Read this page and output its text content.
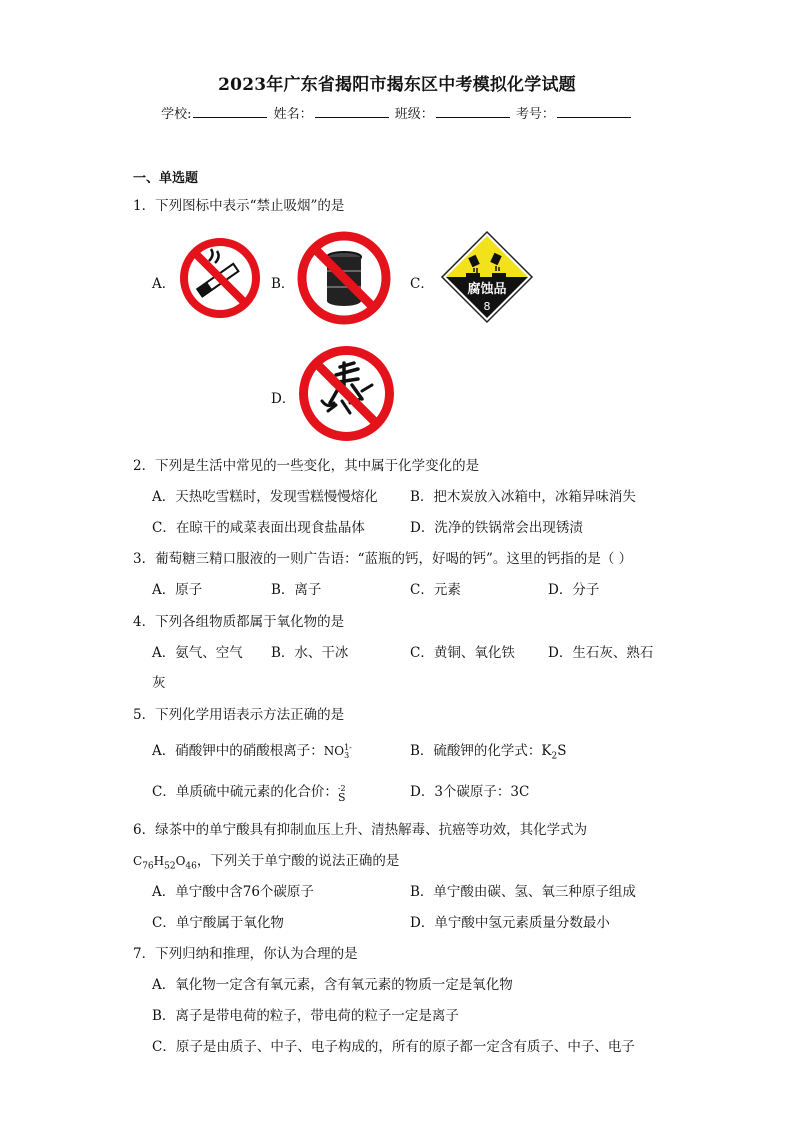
2023年广东省揭阳市揭东区中考模拟化学试题
学校:	姓名：	班级：	考号：
一、单选题
1．下列图标中表示“禁止吸烟”的是
A．	B．	C．	腐蚀品
8
D．
2．下列是生活中常见的一些变化，其中属于化学变化的是
A．天热吃雪糕时，发现雪糕慢慢熔化 B．把木炭放入冰箱中，冰箱异味消失
C．在晾干的咸菜表面出现食盐晶体	D．洗净的铁锅常会出现锈渍
3．葡萄糖三精口服液的一则广告语：“蓝瓶的钙，好喝的钙”。这里的钙指的是（ ）
A．原子	B．离子	C．元素	D．分子
4．下列各组物质都属于氧化物的是
A．氨气、空气 B．水、干冰	C．黄铜、氧化铁 D．生石灰、熟石
灰
5．下列化学用语表示方法正确的是
A．硝酸钾中的硝酸根离子：NO 1-
3	B．硫酸钾的化学式：$K_2S$
C．单质硫中硫元素的化合价： -2
S	D．3个碳原子：3C
6．绿茶中的单宁酸具有抑制血压上升、清热解毒、抗癌等功效，其化学式为
$C_{76}H_{52}O_{46}$，下列关于单宁酸的说法正确的是
A．单宁酸中含76个碳原子	B．单宁酸由碳、氢、氧三种原子组成
C．单宁酸属于氧化物	D．单宁酸中氢元素质量分数最小
7．下列归纳和推理，你认为合理的是
A．氧化物一定含有氧元素，含有氧元素的物质一定是氧化物
B．离子是带电荷的粒子，带电荷的粒子一定是离子
C．原子是由质子、中子、电子构成的，所有的原子都一定含有质子、中子、电子
